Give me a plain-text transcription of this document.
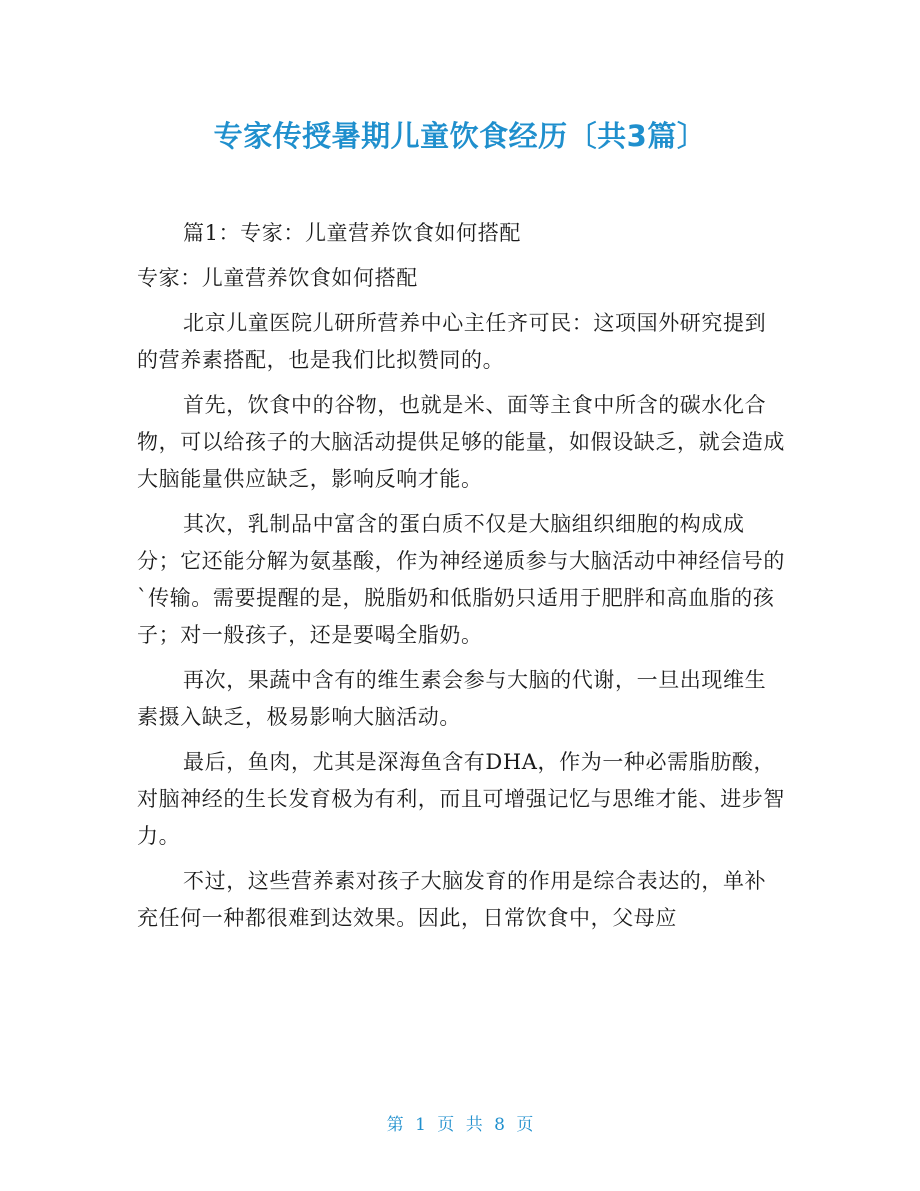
专家传授暑期儿童饮食经历〔共3篇〕

篇1：专家：儿童营养饮食如何搭配

专家：儿童营养饮食如何搭配

北京儿童医院儿研所营养中心主任齐可民：这项国外研究提到的营养素搭配，也是我们比拟赞同的。

首先，饮食中的谷物，也就是米、面等主食中所含的碳水化合物，可以给孩子的大脑活动提供足够的能量，如假设缺乏，就会造成大脑能量供应缺乏，影响反响才能。

其次，乳制品中富含的蛋白质不仅是大脑组织细胞的构成成分；它还能分解为氨基酸，作为神经递质参与大脑活动中神经信号的`传输。需要提醒的是，脱脂奶和低脂奶只适用于肥胖和高血脂的孩子；对一般孩子，还是要喝全脂奶。

再次，果蔬中含有的维生素会参与大脑的代谢，一旦出现维生素摄入缺乏，极易影响大脑活动。

最后，鱼肉，尤其是深海鱼含有DHA，作为一种必需脂肪酸，对脑神经的生长发育极为有利，而且可增强记忆与思维才能、进步智力。

不过，这些营养素对孩子大脑发育的作用是综合表达的，单补充任何一种都很难到达效果。因此，日常饮食中，父母应

第 1 页 共 8 页
